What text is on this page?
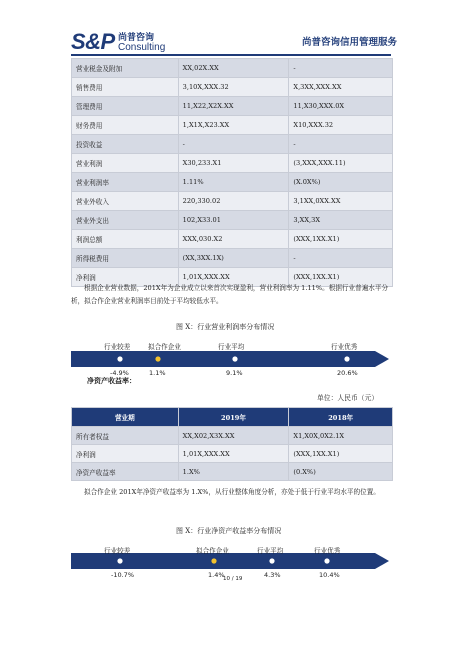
S&P 尚普咨询
Consulting	尚普咨询信用管理服务
营业税金及附加	XX,02X.XX	-
销售费用	3,10X,XXX.32	X,3XX,XXX.XX
管理费用	11,X22,X2X.XX	11,X30,XXX.0X
财务费用	1,X1X,X23.XX	X10,XXX.32
投资收益	-	-
营业利润	X30,233.X1	(3,XXX,XXX.11)
营业利润率	1.11%	(X.0X%)
营业外收入	220,330.02	3,1XX,0XX.XX
营业外支出	102,X33.01	3,XX,3X
利润总额	XXX,030.X2	(XXX,1XX.X1)
所得税费用	(XX,3XX.1X)	-
净利润	1,01X,XXX.XX	(XXX,1XX.X1)
根据企业营业数据，201X年为企业成立以来首次实现盈利，营业利润率为 1.11%。根据行业普遍水平分析，拟合作企业营业利润率目前处于平均较低水平。
图 X：行业营业利润率分布情况
行业较差
-4.9%
拟合作企业
1.1%
行业平均
9.1%
行业优秀
20.6%
净资产收益率：
单位：人民币（元）
营业期	2019年	2018年
所有者权益	XX,X02,X3X.XX	X1,X0X,0X2.1X
净利润	1,01X,XXX.XX	(XXX,1XX.X1)
净资产收益率	1.X%	(0.X%)
拟合作企业 201X年净资产收益率为 1.X%，从行业整体角度分析，亦处于低于行业平均水平的位置。
图 X：行业净资产收益率分布情况
行业较差
-10.7%
拟合作企业
1.4%
行业平均
4.3%
行业优秀
10.4%
10 / 19
